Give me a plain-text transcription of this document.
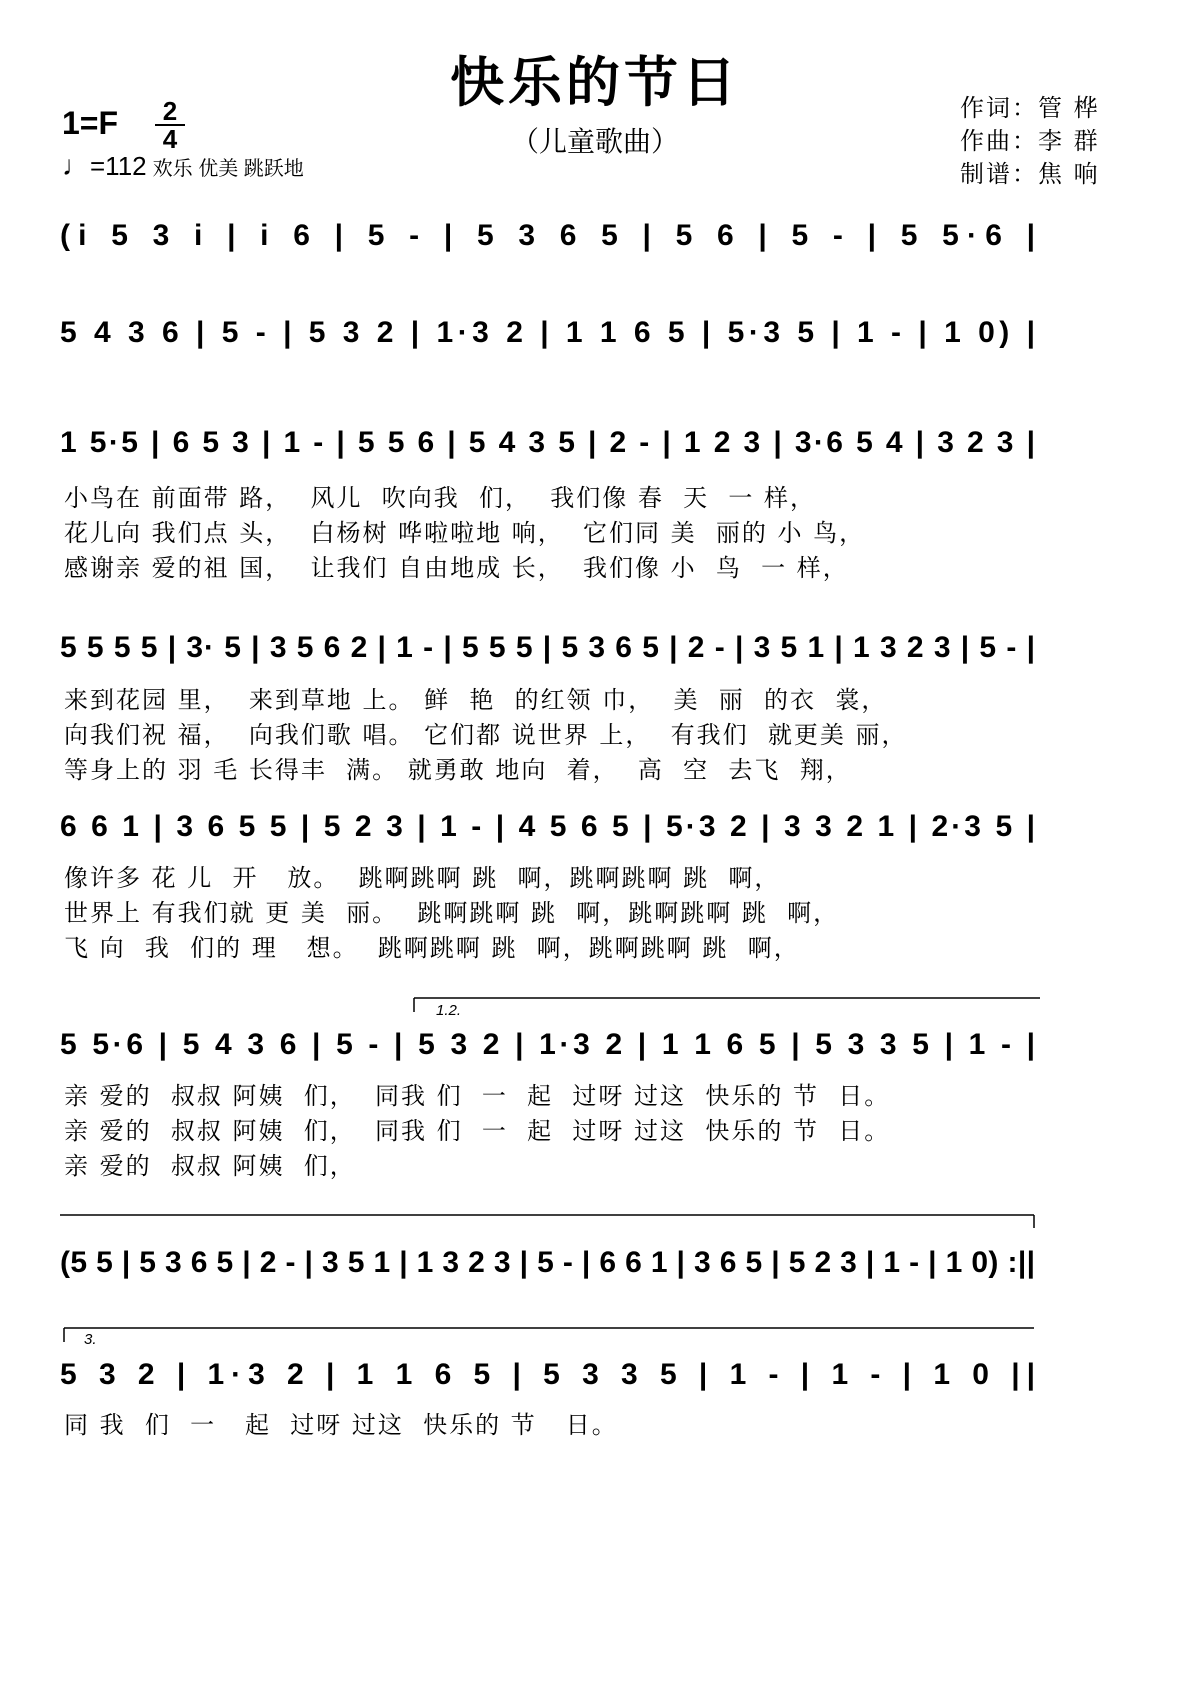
快乐的节日
（儿童歌曲）
1=F 2
4
♩=112 欢乐 优美 跳跃地
作词：管 桦
作曲：李 群
制谱：焦 响
1.2.
3.
(i 5 3 i | i 6 | 5 - | 5 3 6 5 | 5 6 | 5 - | 5 5·6 |
5 4 3 6 | 5 - | 5 3 2 | 1·3 2 | 1 1 6 5 | 5·3 5 | 1 - | 1 0) |
1 5·5 | 6 5 3 | 1 - | 5 5 6 | 5 4 3 5 | 2 - | 1 2 3 | 3·6 5 4 | 3 2 3 |
5 5 5 5 | 3· 5 | 3 5 6 2 | 1 - | 5 5 5 | 5 3 6 5 | 2 - | 3 5 1 | 1 3 2 3 | 5 - |
6 6 1 | 3 6 5 5 | 5 2 3 | 1 - | 4 5 6 5 | 5·3 2 | 3 3 2 1 | 2·3 5 |
5 5·6 | 5 4 3 6 | 5 - | 5 3 2 | 1·3 2 | 1 1 6 5 | 5 3 3 5 | 1 - |
(5 5 | 5 3 6 5 | 2 - | 3 5 1 | 1 3 2 3 | 5 - | 6 6 1 | 3 6 5 | 5 2 3 | 1 - | 1 0) :||
5 3 2 | 1·3 2 | 1 1 6 5 | 5 3 3 5 | 1 - | 1 - | 1 0 ||
小鸟在 前面带 路，  风儿  吹向我  们，  我们像 春  天  一 样，
花儿向 我们点 头，  白杨树 哗啦啦地 响，  它们同 美  丽的 小 鸟，
感谢亲 爱的祖 国，  让我们 自由地成 长，  我们像 小  鸟  一 样，
来到花园 里，  来到草地 上。 鲜  艳  的红领 巾，  美  丽  的衣  裳，
向我们祝 福，  向我们歌 唱。 它们都 说世界 上，  有我们  就更美 丽，
等身上的 羽 毛 长得丰  满。 就勇敢 地向  着，  高  空  去飞  翔，
像许多 花 儿  开   放。  跳啊跳啊 跳  啊，跳啊跳啊 跳  啊，
世界上 有我们就 更 美  丽。  跳啊跳啊 跳  啊，跳啊跳啊 跳  啊，
飞 向  我  们的 理   想。  跳啊跳啊 跳  啊，跳啊跳啊 跳  啊，
亲 爱的  叔叔 阿姨  们，  同我 们  一  起  过呀 过这  快乐的 节  日。
亲 爱的  叔叔 阿姨  们，  同我 们  一  起  过呀 过这  快乐的 节  日。
亲 爱的  叔叔 阿姨  们，
同 我  们  一   起  过呀 过这  快乐的 节   日。
